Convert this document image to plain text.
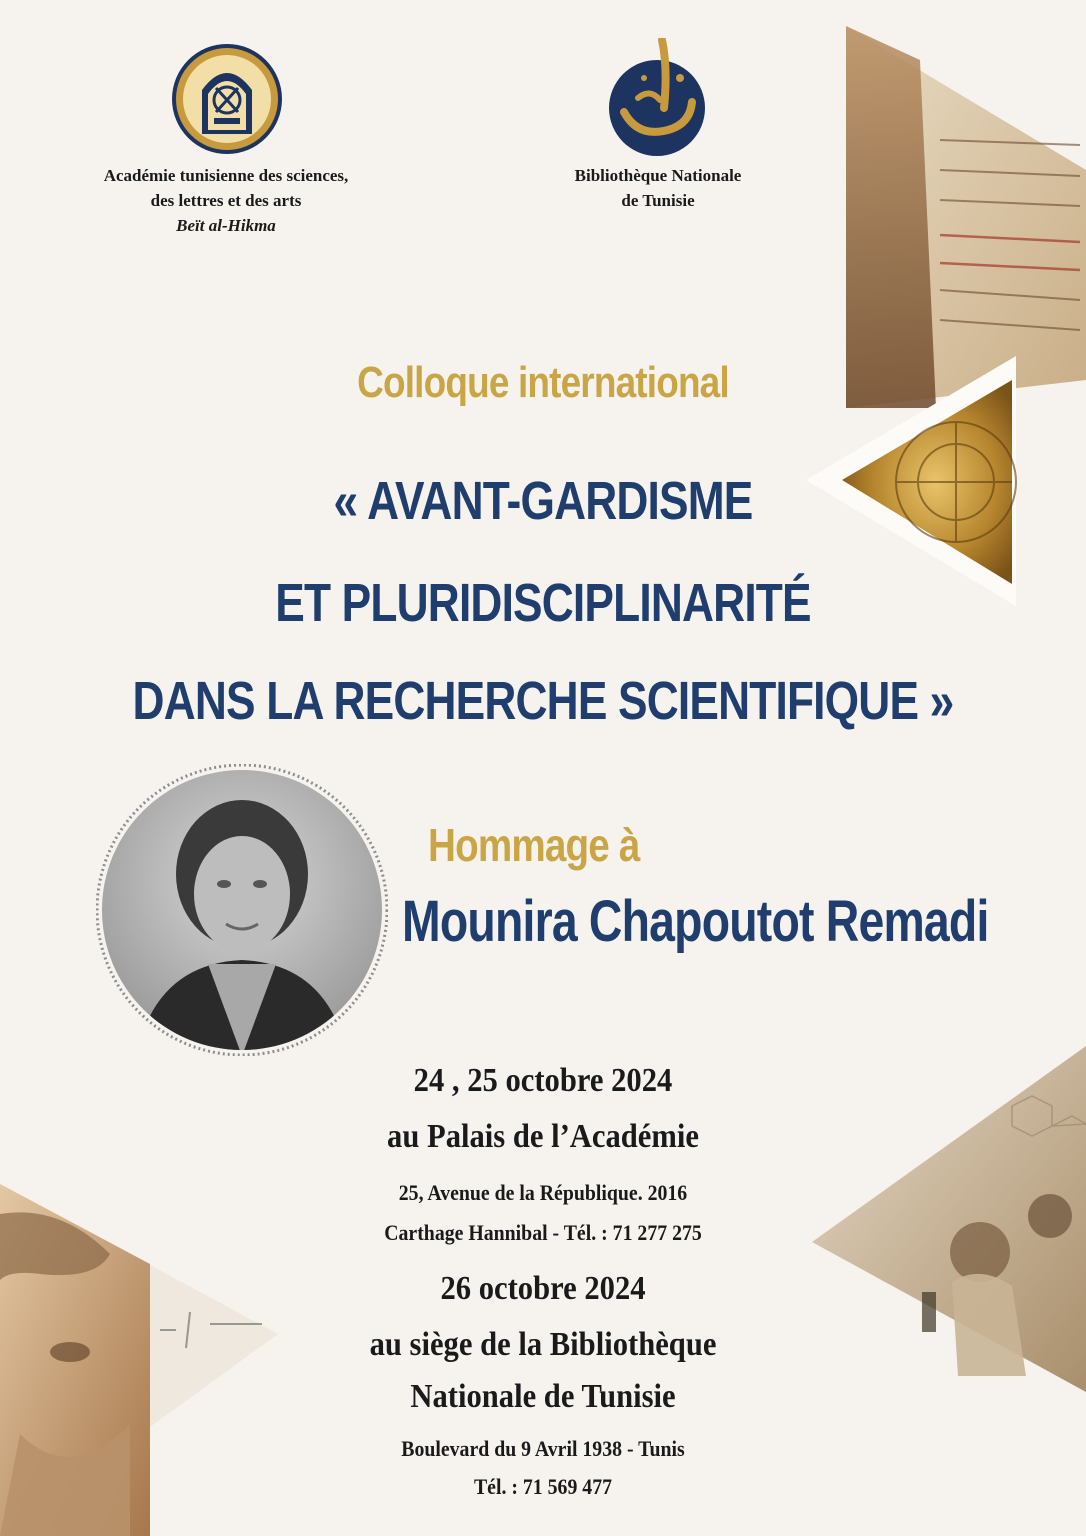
Académie tunisienne des sciences,
des lettres et des arts
Beït al-Hikma
Bibliothèque Nationale
de Tunisie
Colloque international
« AVANT-GARDISME
ET PLURIDISCIPLINARITÉ
DANS LA RECHERCHE SCIENTIFIQUE »
Hommage à
Mounira Chapoutot Remadi
24 , 25 octobre 2024
au Palais de l’Académie
25, Avenue de la République. 2016
Carthage Hannibal - Tél. : 71 277 275
26 octobre 2024
au siège de la Bibliothèque
Nationale de Tunisie
Boulevard du 9 Avril 1938 - Tunis
Tél. : 71 569 477
